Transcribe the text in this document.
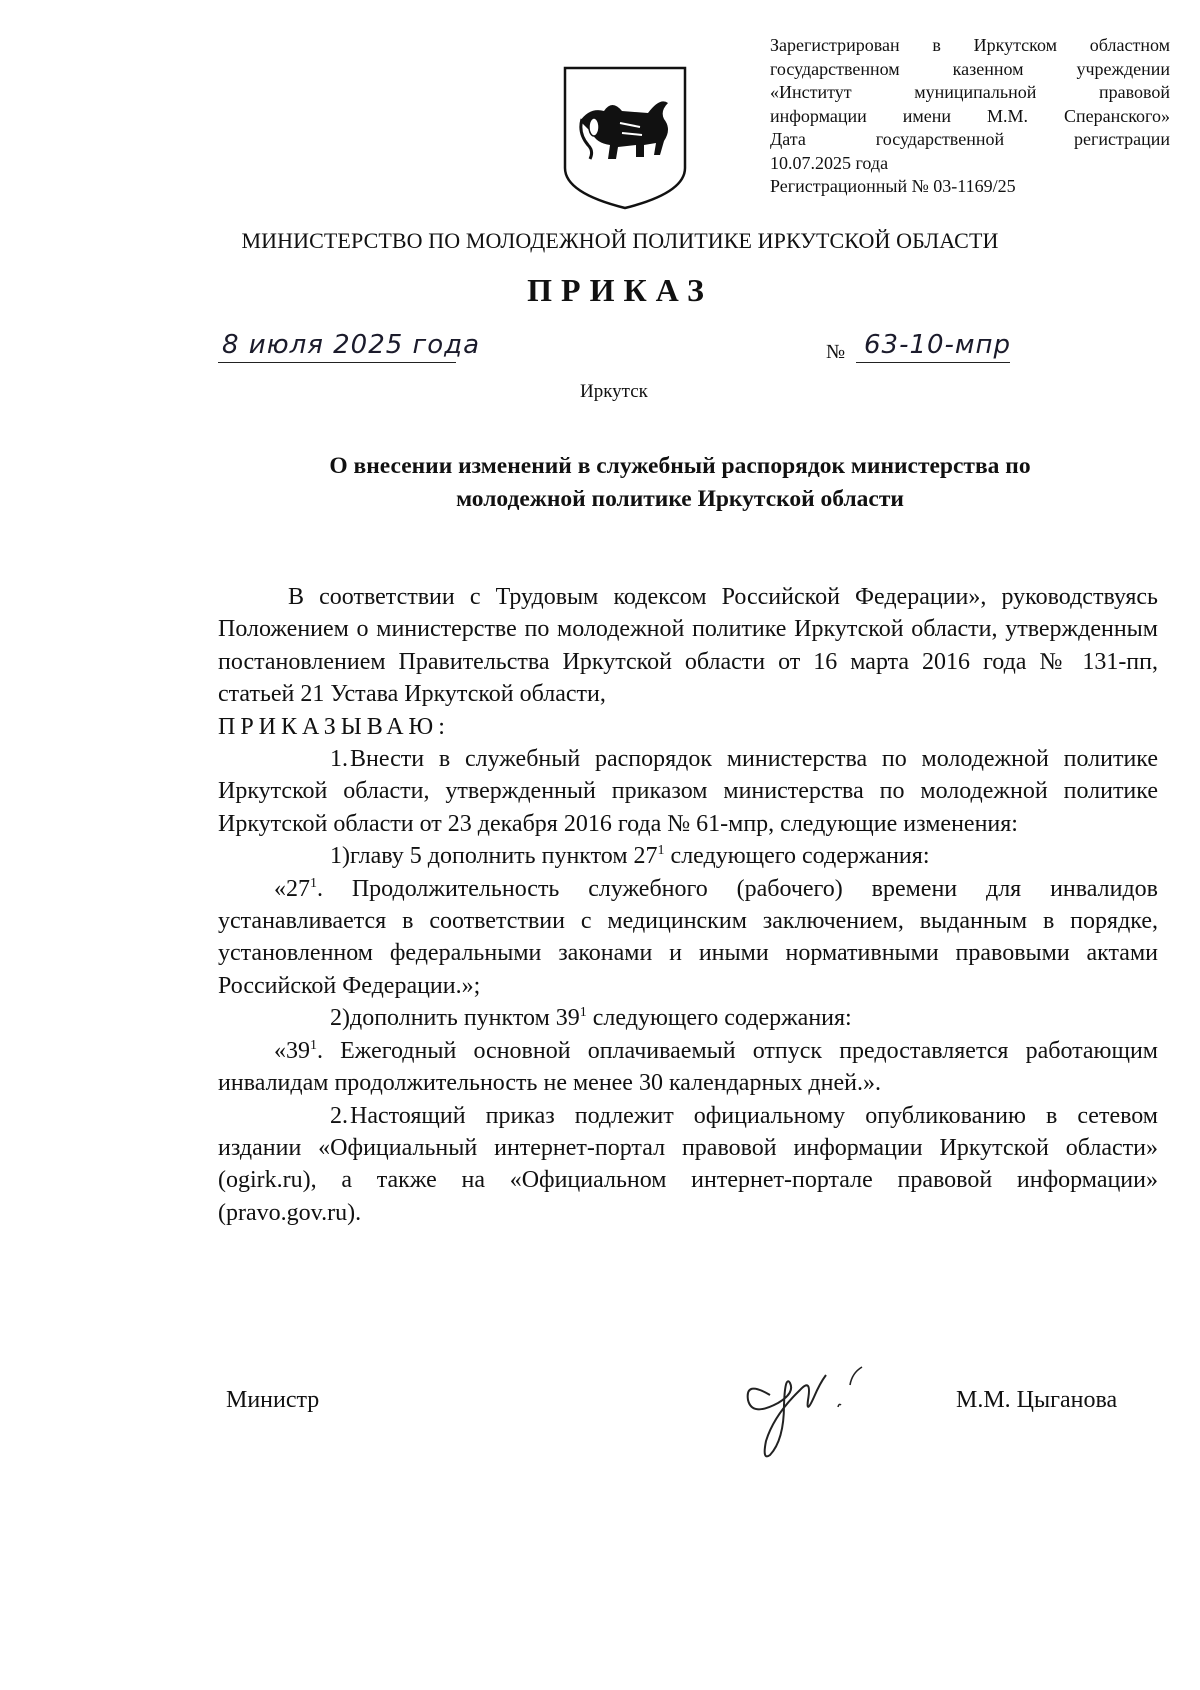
Зарегистрирован в Иркутском областном
государственном казенном учреждении
«Институт муниципальной правовой
информации имени М.М. Сперанского»
Дата государственной регистрации
10.07.2025 года
Регистрационный № 03-1169/25
МИНИСТЕРСТВО ПО МОЛОДЕЖНОЙ ПОЛИТИКЕ ИРКУТСКОЙ ОБЛАСТИ
ПРИКАЗ
8 июля 2025 года	№ 63-10-мпр
Иркутск
О внесении изменений в служебный распорядок министерства по
молодежной политике Иркутской области

В соответствии с Трудовым кодексом Российской Федерации», руководствуясь Положением о министерстве по молодежной политике Иркутской области, утвержденным постановлением Правительства Иркутской области от 16 марта 2016 года № 131-пп, статьей 21 Устава Иркутской области,

ПРИКАЗЫВАЮ:

1.Внести в служебный распорядок министерства по молодежной политике Иркутской области, утвержденный приказом министерства по молодежной политике Иркутской области от 23 декабря 2016 года № 61-мпр, следующие изменения:

1)главу 5 дополнить пунктом $27^1$ следующего содержания:

«$27^1$. Продолжительность служебного (рабочего) времени для инвалидов устанавливается в соответствии с медицинским заключением, выданным в порядке, установленном федеральными законами и иными нормативными правовыми актами Российской Федерации.»;

2)дополнить пунктом $39^1$ следующего содержания:

«$39^1$. Ежегодный основной оплачиваемый отпуск предоставляется работающим инвалидам продолжительность не менее 30 календарных дней.».

2.Настоящий приказ подлежит официальному опубликованию в сетевом издании «Официальный интернет-портал правовой информации Иркутской области» (ogirk.ru), а также на «Официальном интернет-портале правовой информации» (pravo.gov.ru).

Министр	М.М. Цыганова
